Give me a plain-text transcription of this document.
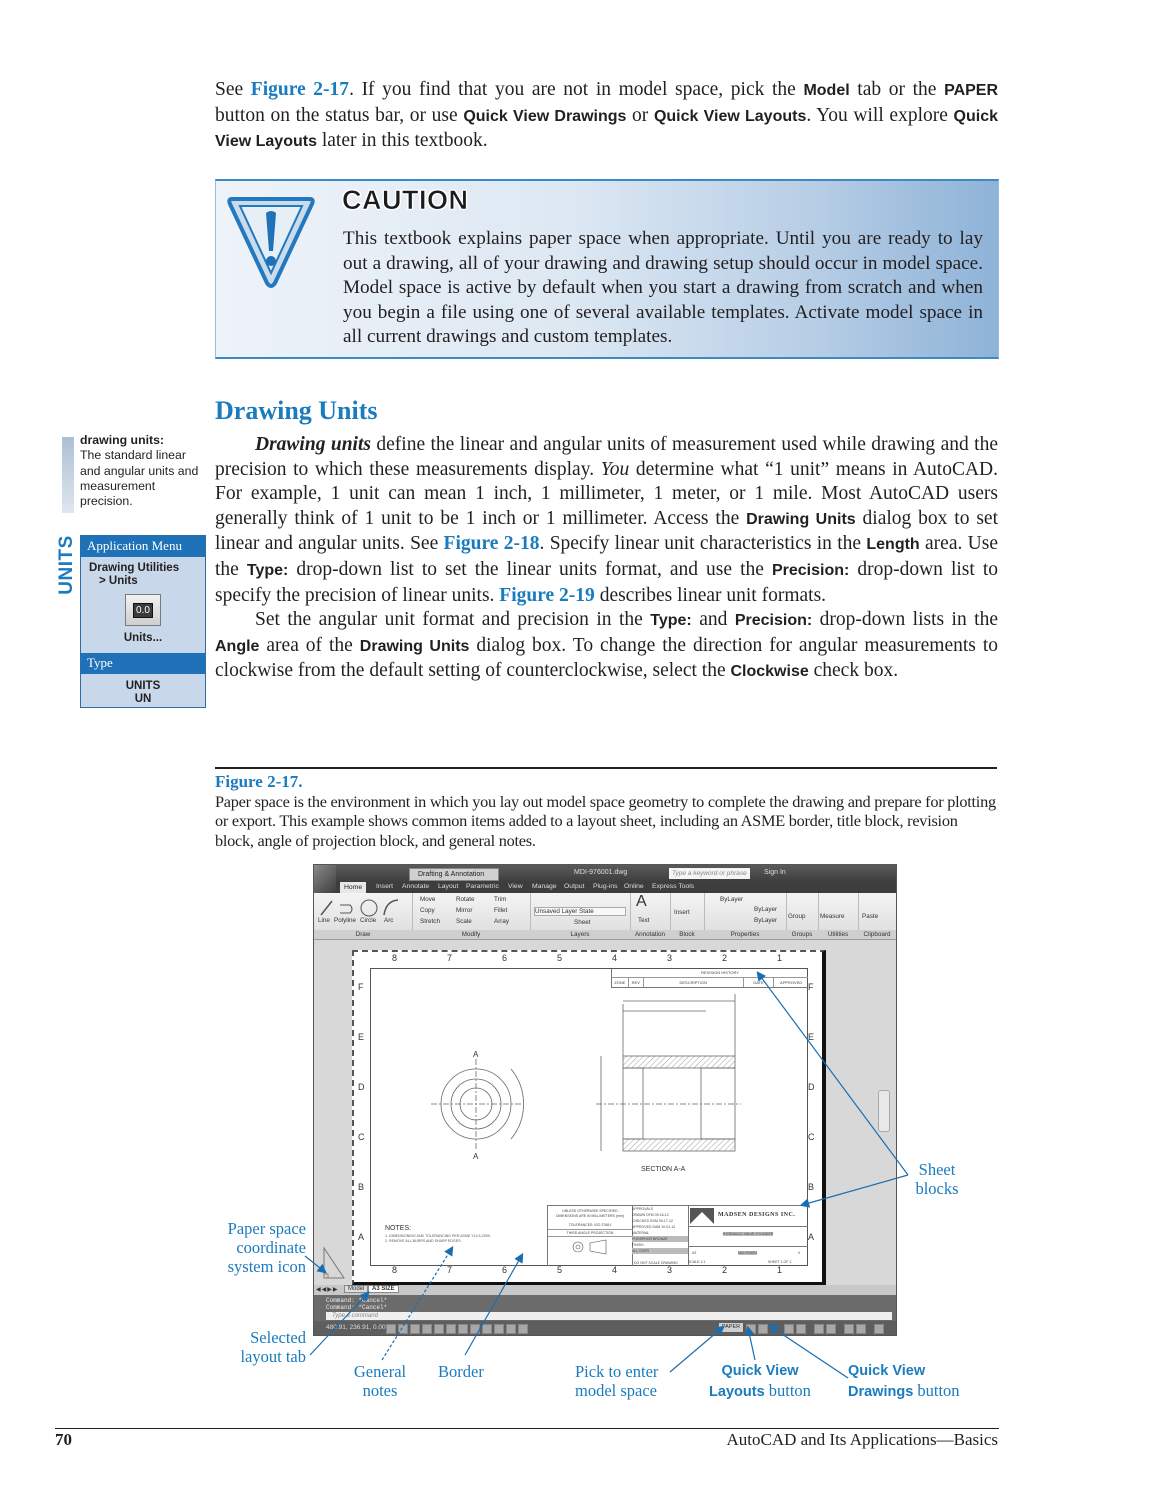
See Figure 2-17. If you find that you are not in model space, pick the Model tab or the PAPER button on the status bar, or use Quick View Drawings or Quick View Layouts. You will explore Quick View Layouts later in this textbook.
CAUTION
This textbook explains paper space when appropriate. Until you are ready to lay out a drawing, all of your drawing and drawing setup should occur in model space. Model space is active by default when you start a drawing from scratch and when you begin a file using one of several available templates. Activate model space in all current drawings and custom templates.
Drawing Units

Drawing units define the linear and angular units of measurement used while drawing and the precision to which these measurements display. You determine what “1 unit” means in AutoCAD. For example, 1 unit can mean 1 inch, 1 millimeter, 1 meter, or 1 mile. Most AutoCAD users generally think of 1 unit to be 1 inch or 1 millimeter. Access the Drawing Units dialog box to set linear and angular units. See Figure 2-18. Specify linear unit characteristics in the Length area. Use the Type: drop-down list to set the linear units format, and use the Precision: drop-down list to specify the precision of linear units. Figure 2-19 describes linear unit formats.

Set the angular unit format and precision in the Type: and Precision: drop-down lists in the Angle area of the Drawing Units dialog box. To change the direction for angular measurements to clockwise from the default setting of counterclockwise, select the Clockwise check box.

drawing units:
The standard linear and angular units and measurement precision.
UNITS Application Menu
Drawing Utilities
> Units
0.0
Units...
Type
UNITS
UN
Figure 2-17.
Paper space is the environment in which you lay out model space geometry to complete the drawing and prepare for plotting or export. This example shows common items added to a layout sheet, including an ASME border, title block, revision block, angle of projection block, and general notes.
Drafting & Annotation	MDI-976001.dwg	Type a keyword or phrase	Sign In
Home	Insert Annotate Layout Parametric View Manage Output Plug-ins Online Express Tools
Line Polyline Circle Arc
Draw
Move	Rotate	Trim
Copy	Mirror	Fillet
Stretch	Scale	Array
Modify
Unsaved Layer State
Sheet
Layers
A
Text
Annotation
Insert
Block
ByLayer
ByLayer
ByLayer
Properties
Group
Groups
Measure
Utilities
Paste
Clipboard
8	7	6	5	4	3	2	1
8	7	6	5	4	3	2	1
F
E
D
C
B
A
F
E
D
C
B
A
REVISION HISTORY
ZONE	REV	DESCRIPTION	DATE	APPROVED
A
A
SECTION A-A
NOTES:
1. DIMENSIONING AND TOLERANCING PER ASME Y14.5-2009.
2. REMOVE ALL BURRS AND SHARP EDGES.
UNLESS OTHERWISE SPECIFIED DIMENSIONS ARE IN MILLIMETERS (mm)
TOLERANCES: ISO 2768-f
THIRD ANGLE PROJECTION
APPROVALS
DRAWN DFM 09-16-12
CHECKED KDM 09-17-12
APPROVED DAM 10-01-12
MATERIAL
PHOSPHOR BRONZE
FINISH
ALL OVER
MADSEN DESIGNS INC.
HYDRAULIC VALVE CYLINDER
A3	MDI-976001	0
SCALE 1:1	SHEET 1 OF 1
DO NOT SCALE DRAWING
◀◀▶▶	Model	A3 SIZE
Command: *Cancel*
Command: *Cancel*
Type a command
480.91, 236.91, 0.00	PAPER
Sheet
blocks
Paper space
coordinate
system icon
Selected
layout tab
General
notes
Border	Pick to enter
model space
Quick View
Layouts button
Quick View
Drawings button
70	AutoCAD and Its Applications—Basics
